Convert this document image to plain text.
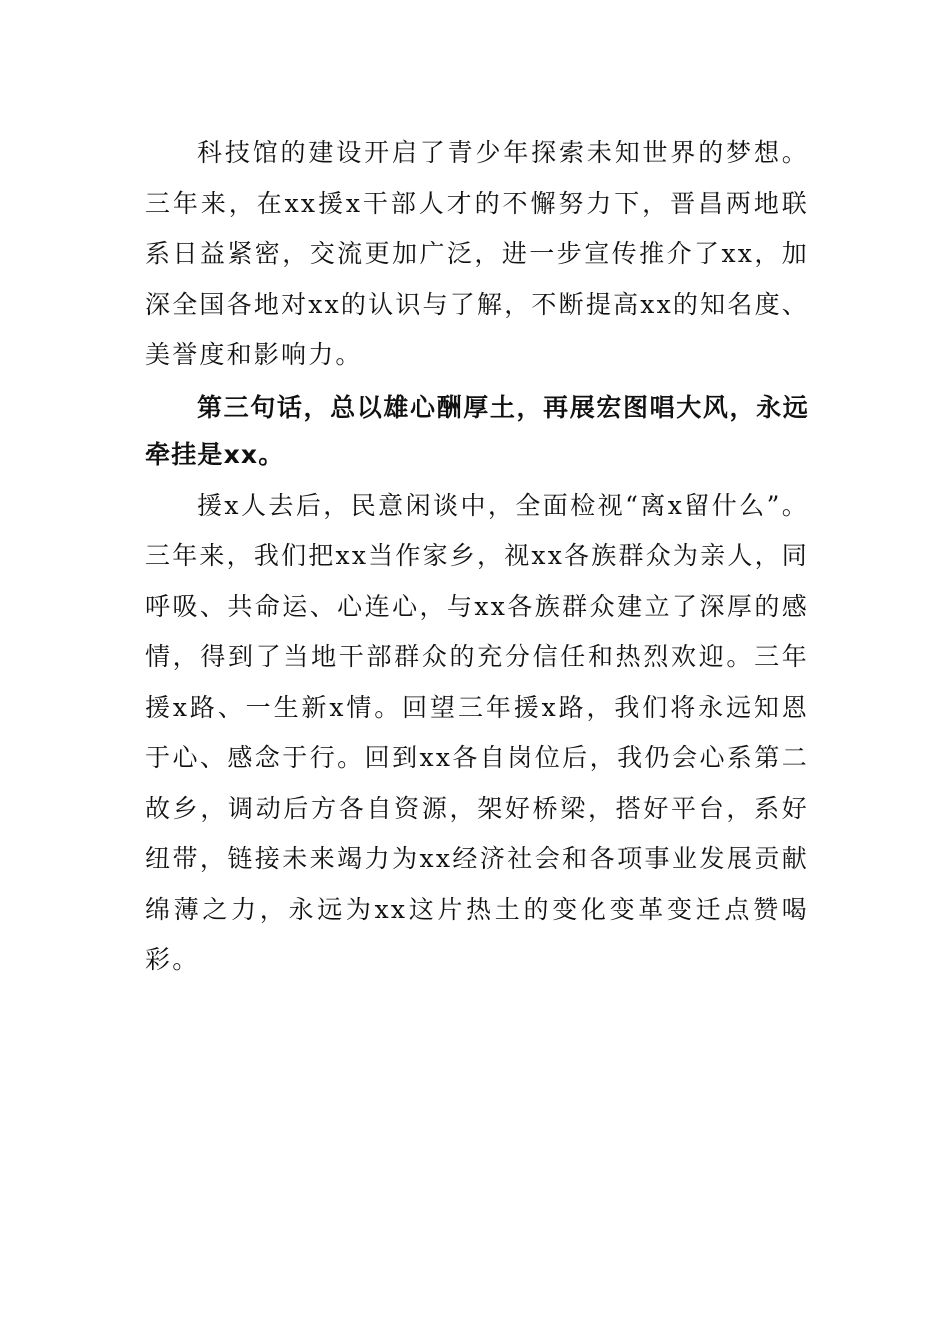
科技馆的建设开启了青少年探索未知世界的梦想。三年来，在xx援x干部人才的不懈努力下，晋昌两地联系日益紧密，交流更加广泛，进一步宣传推介了xx，加深全国各地对xx的认识与了解，不断提高xx的知名度、美誉度和影响力。

第三句话，总以雄心酬厚土，再展宏图唱大风，永远牵挂是xx。

援x人去后，民意闲谈中，全面检视“离x留什么”。三年来，我们把xx当作家乡，视xx各族群众为亲人，同呼吸、共命运、心连心，与xx各族群众建立了深厚的感情，得到了当地干部群众的充分信任和热烈欢迎。三年援x路、一生新x情。回望三年援x路，我们将永远知恩于心、感念于行。回到xx各自岗位后，我仍会心系第二故乡，调动后方各自资源，架好桥梁，搭好平台，系好纽带，链接未来竭力为xx经济社会和各项事业发展贡献绵薄之力，永远为xx这片热土的变化变革变迁点赞喝彩。
